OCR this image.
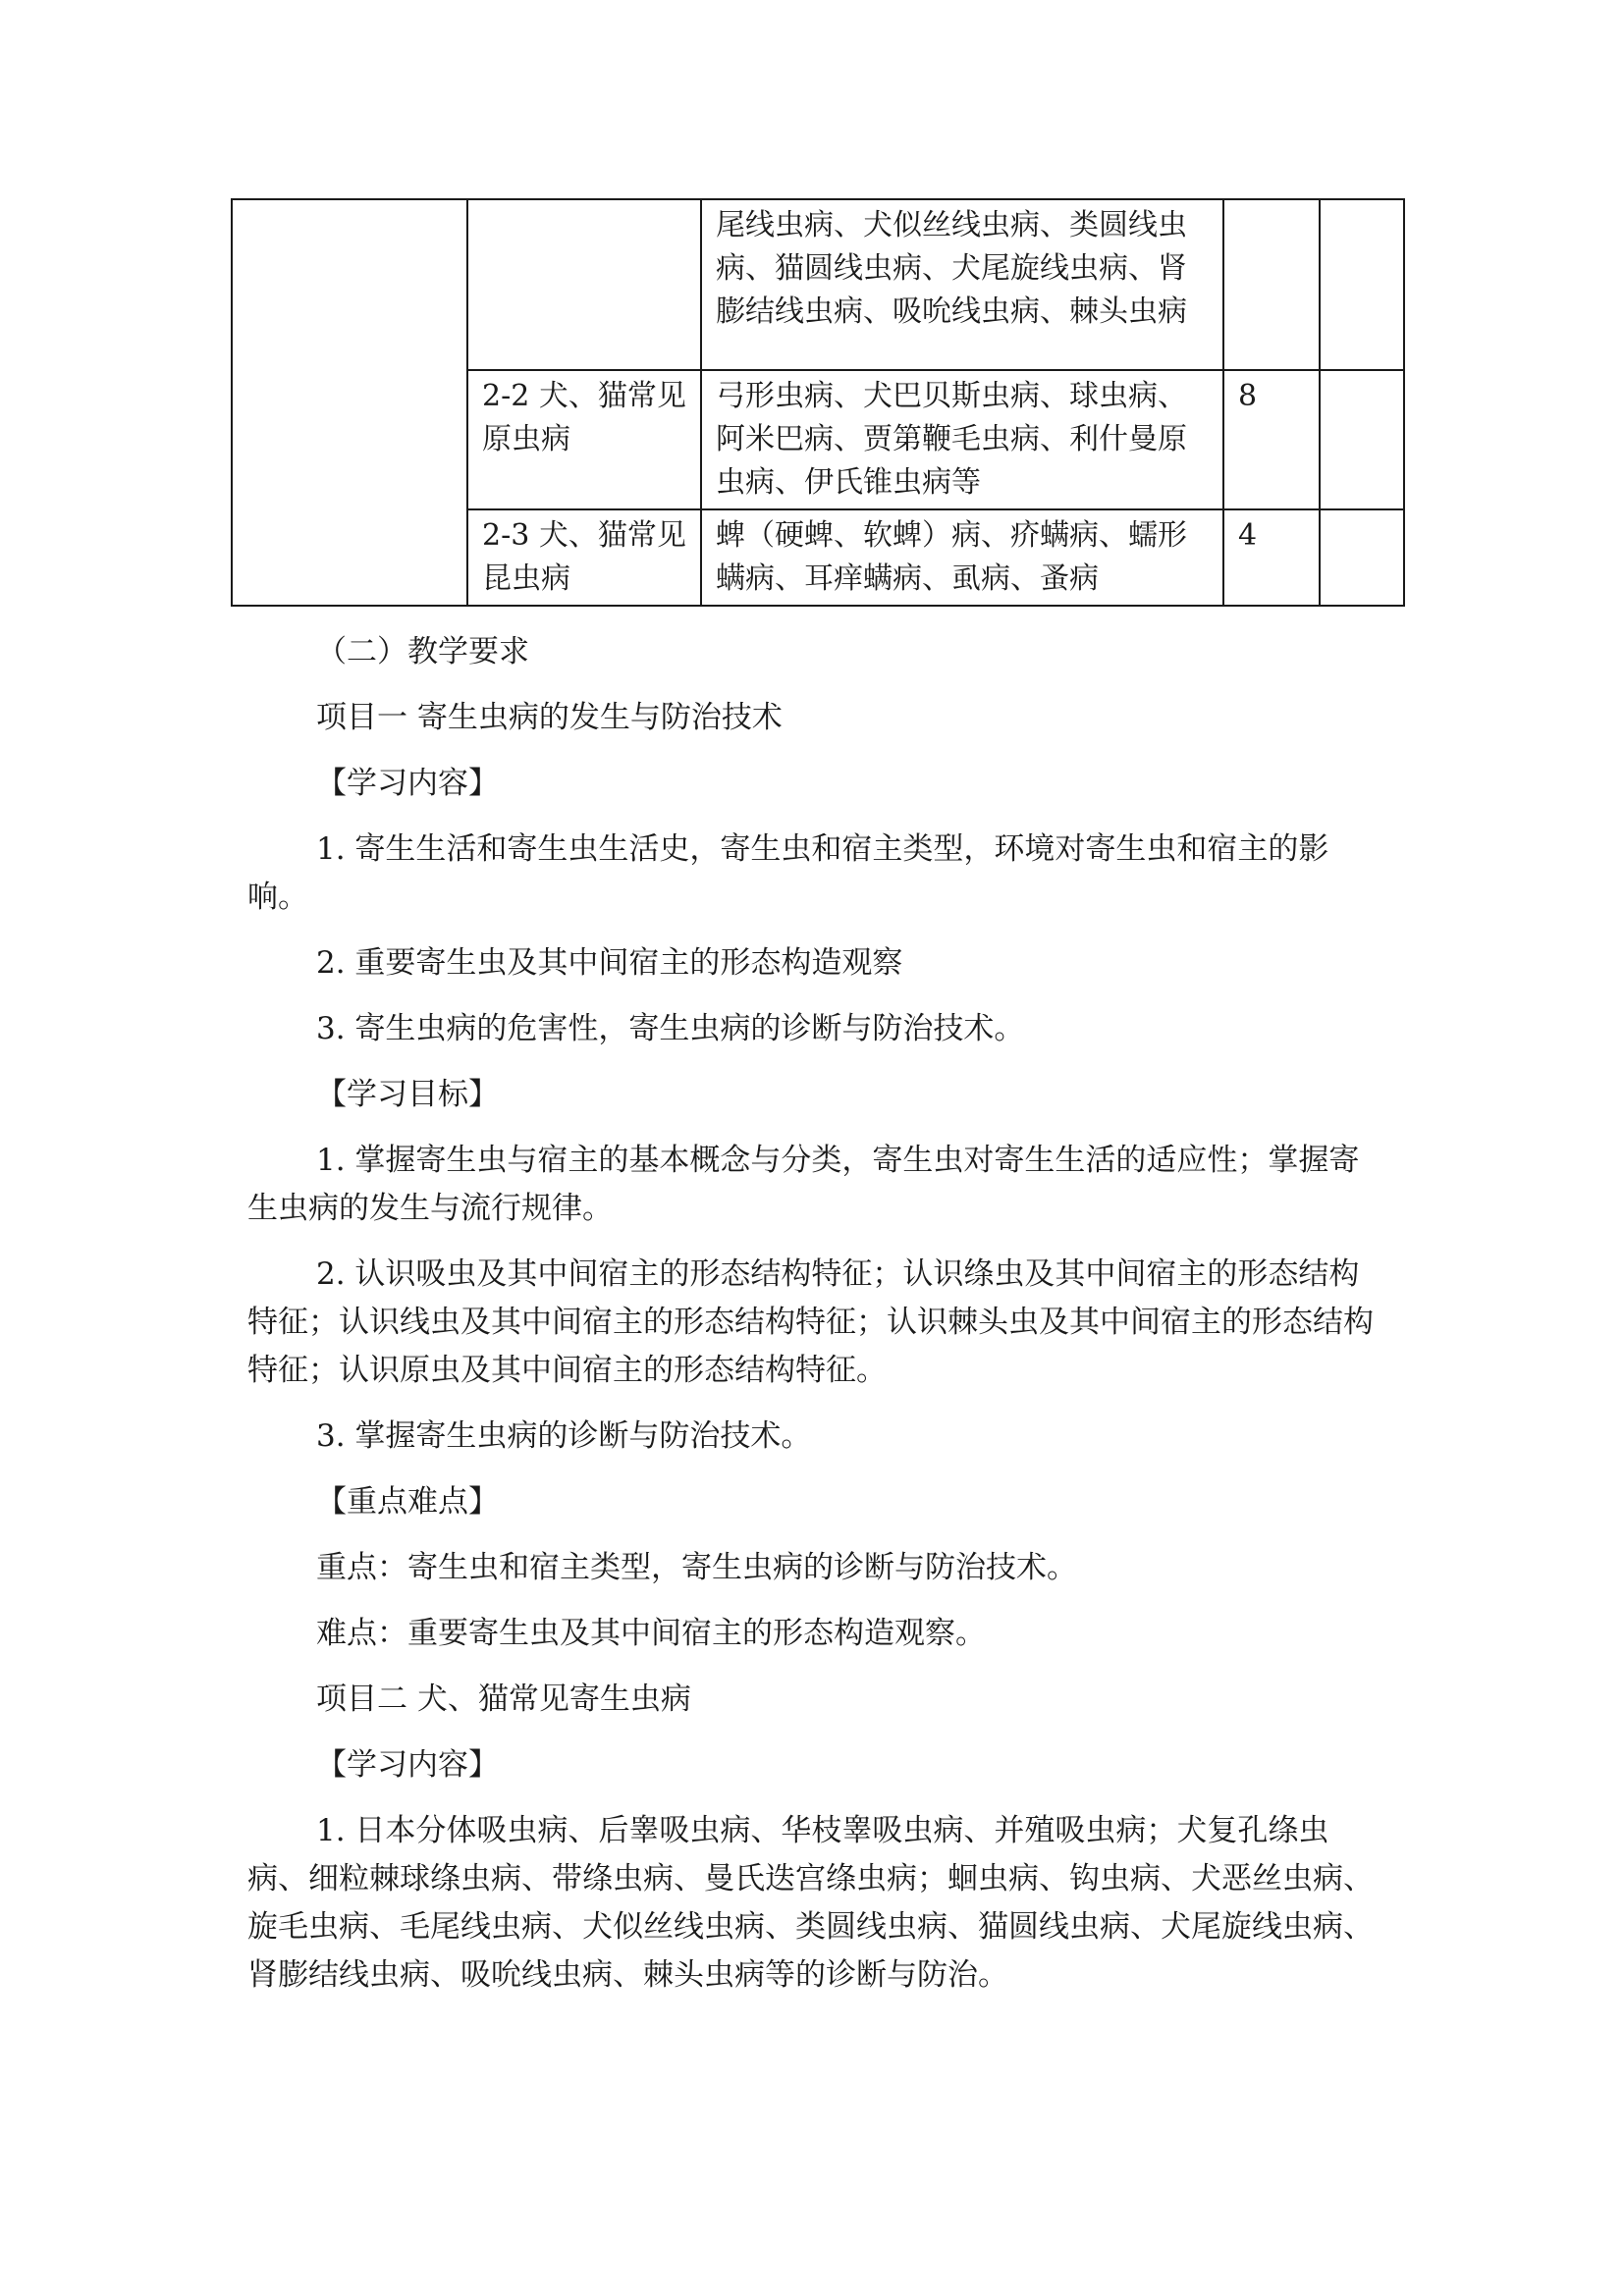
		尾线虫病、犬似丝线虫病、类圆线虫病、猫圆线虫病、犬尾旋线虫病、肾膨结线虫病、吸吮线虫病、棘头虫病		
	2-2 犬、猫常见原虫病	弓形虫病、犬巴贝斯虫病、球虫病、阿米巴病、贾第鞭毛虫病、利什曼原虫病、伊氏锥虫病等	8	
	2-3 犬、猫常见昆虫病	蜱（硬蜱、软蜱）病、疥螨病、蠕形螨病、耳痒螨病、虱病、蚤病	4	

（二）教学要求

项目一 寄生虫病的发生与防治技术

【学习内容】

1. 寄生生活和寄生虫生活史，寄生虫和宿主类型，环境对寄生虫和宿主的影响。

2. 重要寄生虫及其中间宿主的形态构造观察

3. 寄生虫病的危害性，寄生虫病的诊断与防治技术。

【学习目标】

1. 掌握寄生虫与宿主的基本概念与分类，寄生虫对寄生生活的适应性；掌握寄生虫病的发生与流行规律。

2. 认识吸虫及其中间宿主的形态结构特征；认识绦虫及其中间宿主的形态结构特征；认识线虫及其中间宿主的形态结构特征；认识棘头虫及其中间宿主的形态结构特征；认识原虫及其中间宿主的形态结构特征。

3. 掌握寄生虫病的诊断与防治技术。

【重点难点】

重点：寄生虫和宿主类型，寄生虫病的诊断与防治技术。

难点：重要寄生虫及其中间宿主的形态构造观察。

项目二 犬、猫常见寄生虫病

【学习内容】

1. 日本分体吸虫病、后睾吸虫病、华枝睾吸虫病、并殖吸虫病；犬复孔绦虫病、细粒棘球绦虫病、带绦虫病、曼氏迭宫绦虫病；蛔虫病、钩虫病、犬恶丝虫病、旋毛虫病、毛尾线虫病、犬似丝线虫病、类圆线虫病、猫圆线虫病、犬尾旋线虫病、肾膨结线虫病、吸吮线虫病、棘头虫病等的诊断与防治。
